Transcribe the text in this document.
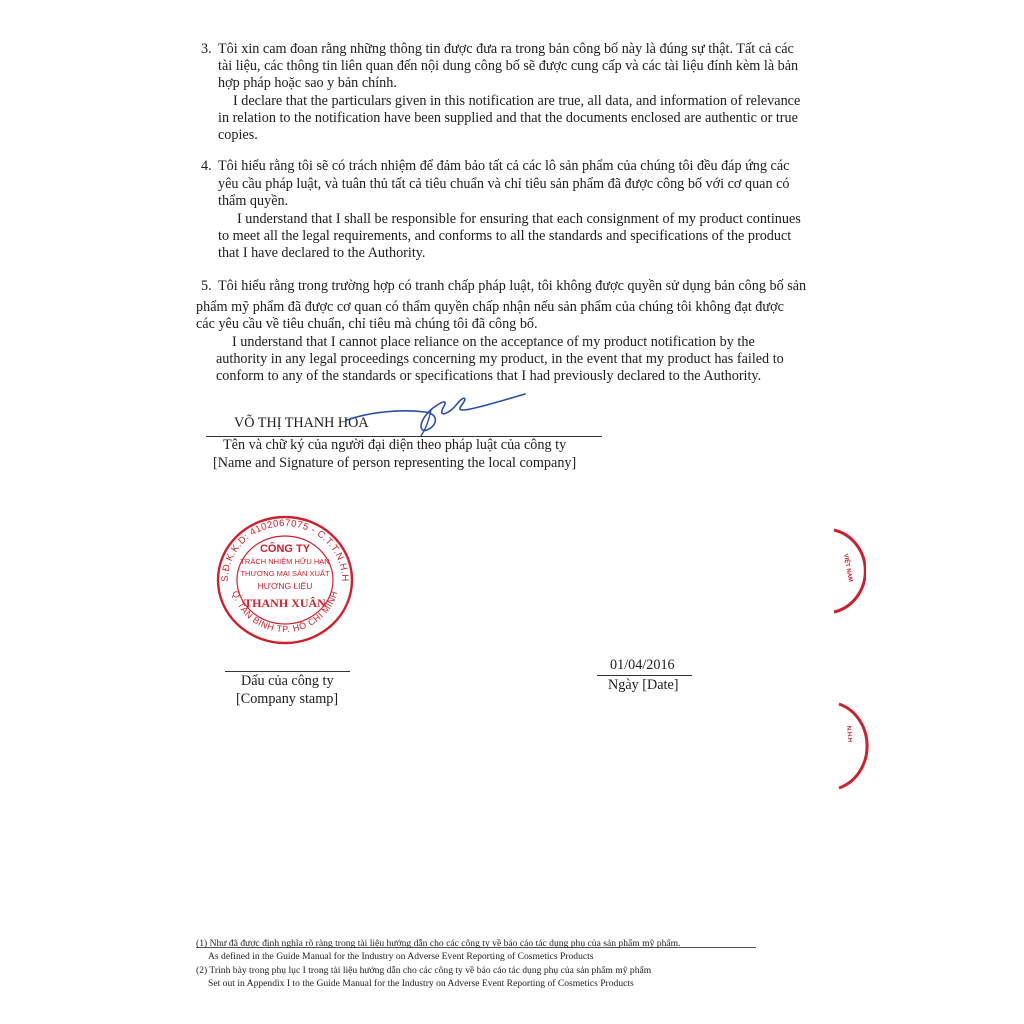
3. Tôi xin cam đoan rằng những thông tin được đưa ra trong bản công bố này là đúng sự thật. Tất cả các
tài liệu, các thông tin liên quan đến nội dung công bố sẽ được cung cấp và các tài liệu đính kèm là bản
hợp pháp hoặc sao y bản chính.
I declare that the particulars given in this notification are true, all data, and information of relevance
in relation to the notification have been supplied and that the documents enclosed are authentic or true
copies.
4. Tôi hiểu rằng tôi sẽ có trách nhiệm để đảm bảo tất cả các lô sản phẩm của chúng tôi đều đáp ứng các
yêu cầu pháp luật, và tuân thủ tất cả tiêu chuẩn và chỉ tiêu sản phẩm đã được công bố với cơ quan có
thẩm quyền.
I understand that I shall be responsible for ensuring that each consignment of my product continues
to meet all the legal requirements, and conforms to all the standards and specifications of the product
that I have declared to the Authority.
5. Tôi hiểu rằng trong trường hợp có tranh chấp pháp luật, tôi không được quyền sử dụng bản công bố sản
phẩm mỹ phẩm đã được cơ quan có thẩm quyền chấp nhận nếu sản phẩm của chúng tôi không đạt được
các yêu cầu về tiêu chuẩn, chỉ tiêu mà chúng tôi đã công bố.
I understand that I cannot place reliance on the acceptance of my product notification by the
authority in any legal proceedings concerning my product, in the event that my product has failed to
conform to any of the standards or specifications that I had previously declared to the Authority.
VÕ THỊ THANH HOA
Tên và chữ ký của người đại diện theo pháp luật của công ty
[Name and Signature of person representing the local company]
S.Đ.K.K.D: 4102067075 - C.T.T.N.H.H
Q. TÂN BÌNH TP. HỒ CHÍ MINH
CÔNG TY
TRÁCH NHIỆM HỮU HẠN
THƯƠNG MẠI SẢN XUẤT
HƯƠNG LIỆU
THANH XUÂN
VIỆT NAM
N.H.H
Dấu của công ty
[Company stamp]
01/04/2016
Ngày [Date]
(1) Như đã được định nghĩa rõ ràng trong tài liệu hướng dẫn cho các công ty về báo cáo tác dụng phụ của sản phẩm mỹ phẩm.
As defined in the Guide Manual for the Industry on Adverse Event Reporting of Cosmetics Products
(2) Trình bày trong phụ lục I trong tài liệu hướng dẫn cho các công ty về báo cáo tác dụng phụ của sản phẩm mỹ phẩm
Set out in Appendix I to the Guide Manual for the Industry on Adverse Event Reporting of Cosmetics Products
